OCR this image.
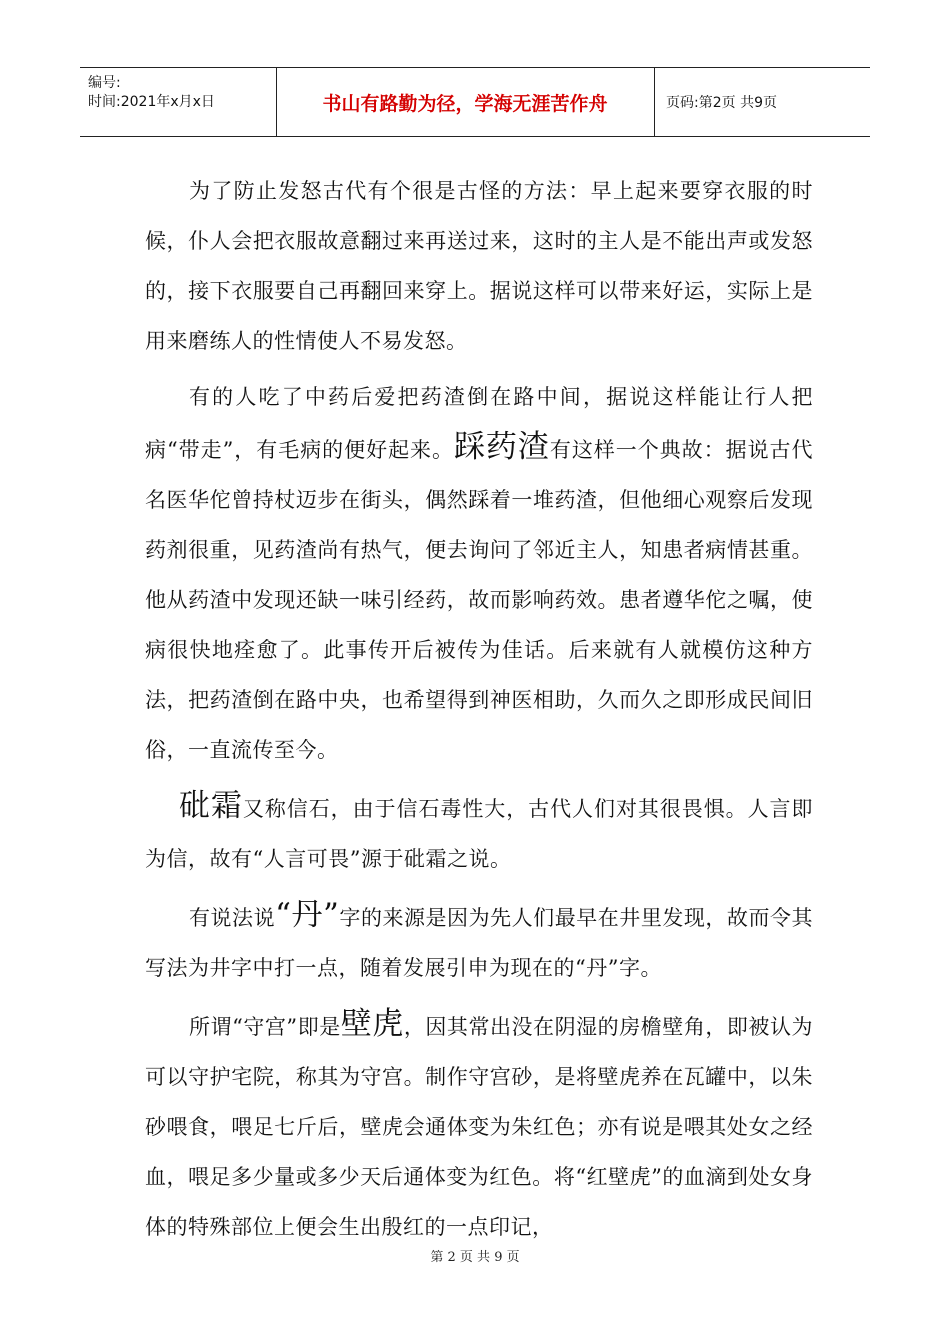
编号:
时间:2021年x月x日	书山有路勤为径，学海无涯苦作舟	页码:第2页 共9页

为了防止发怒古代有个很是古怪的方法：早上起来要穿衣服的时候，仆人会把衣服故意翻过来再送过来，这时的主人是不能出声或发怒的，接下衣服要自己再翻回来穿上。据说这样可以带来好运，实际上是用来磨练人的性情使人不易发怒。

有的人吃了中药后爱把药渣倒在路中间，据说这样能让行人把病“带走”，有毛病的便好起来。踩药渣有这样一个典故：据说古代名医华佗曾持杖迈步在街头，偶然踩着一堆药渣，但他细心观察后发现药剂很重，见药渣尚有热气，便去询问了邻近主人，知患者病情甚重。他从药渣中发现还缺一味引经药，故而影响药效。患者遵华佗之嘱，使病很快地痊愈了。此事传开后被传为佳话。后来就有人就模仿这种方法，把药渣倒在路中央，也希望得到神医相助，久而久之即形成民间旧俗，一直流传至今。

砒霜又称信石，由于信石毒性大，古代人们对其很畏惧。人言即为信，故有“人言可畏”源于砒霜之说。

有说法说“丹”字的来源是因为先人们最早在井里发现，故而令其写法为井字中打一点，随着发展引申为现在的“丹”字。

所谓“守宫”即是壁虎，因其常出没在阴湿的房檐壁角，即被认为可以守护宅院，称其为守宫。制作守宫砂，是将壁虎养在瓦罐中，以朱砂喂食，喂足七斤后，壁虎会通体变为朱红色；亦有说是喂其处女之经血，喂足多少量或多少天后通体变为红色。将“红壁虎”的血滴到处女身体的特殊部位上便会生出殷红的一点印记，

第 2 页 共 9 页
